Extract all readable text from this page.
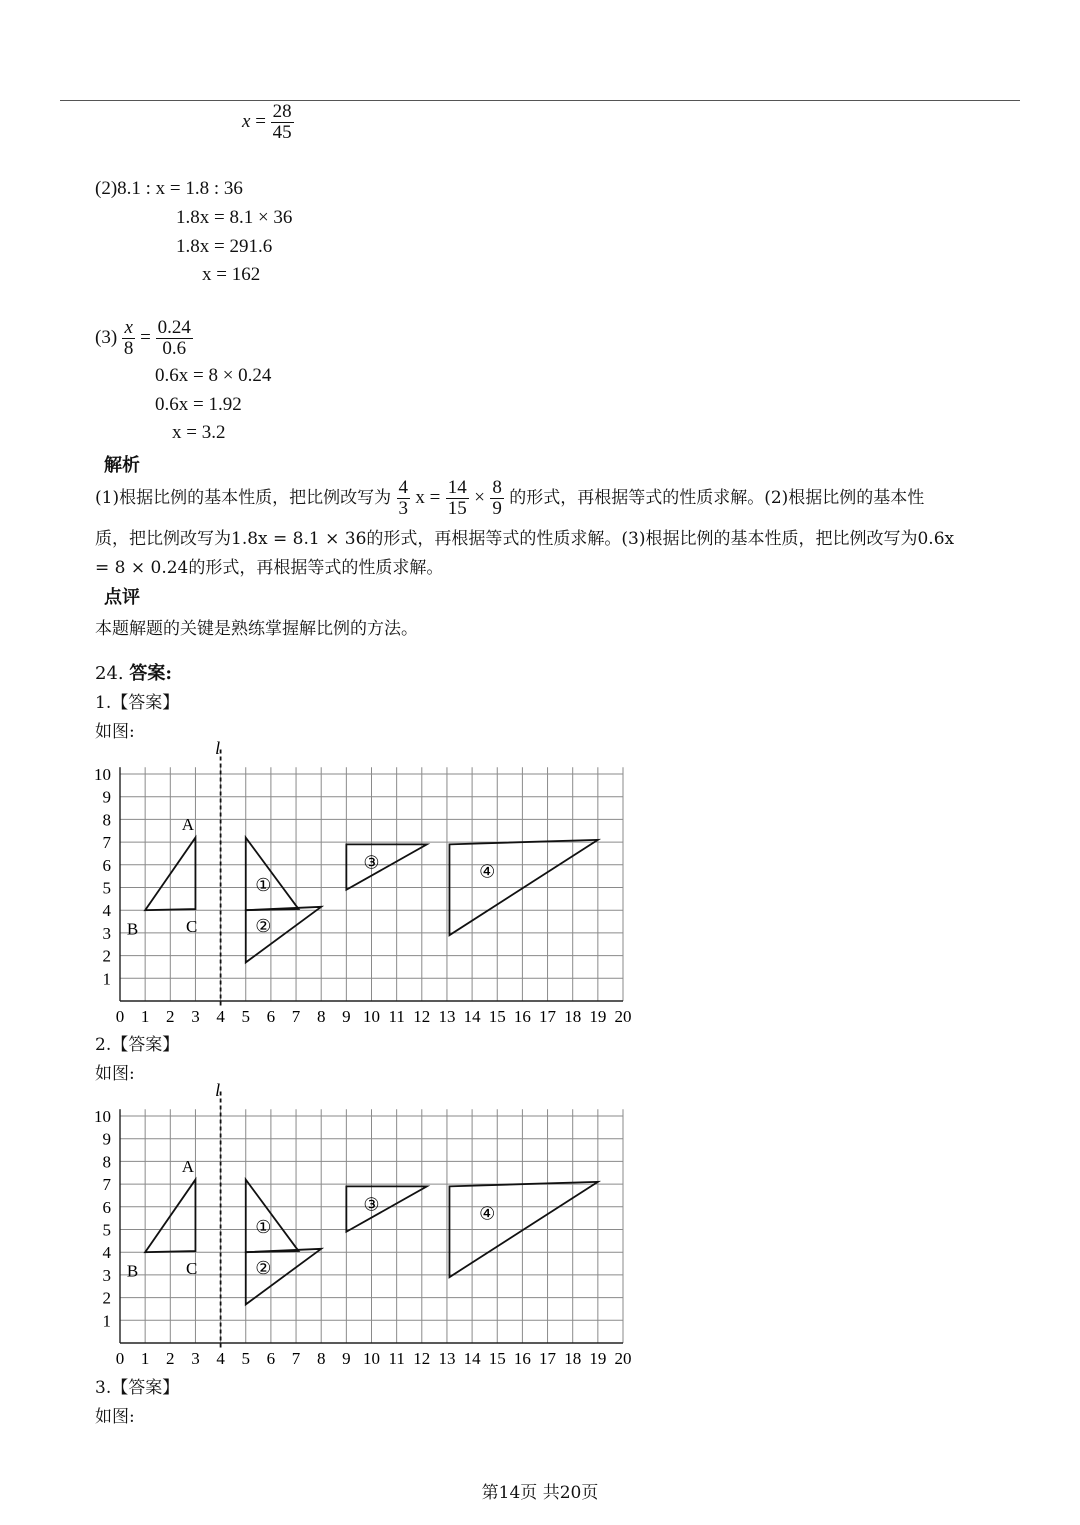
$x = \frac{28}{45}$
(2)8.1 : x = 1.8 : 36
1.8x = 8.1 × 36
1.8x = 291.6
x = 162
$(3) \frac{x}{8} = \frac{0.24}{0.6}$
0.6x = 8 × 0.24
0.6x = 1.92
x = 3.2
解析
(1)根据比例的基本性质，把比例改写为 $\frac{4}{3}$ $x = \frac{14}{15} \times \frac{8}{9}$ 的形式，再根据等式的性质求解。(2)根据比例的基本性
质，把比例改写为1.8x = 8.1 × 36的形式，再根据等式的性质求解。(3)根据比例的基本性质，把比例改写为0.6x
= 8 × 0.24的形式，再根据等式的性质求解。
点评
本题解题的关键是熟练掌握解比例的方法。
24. 答案:
1.【答案】
如图:
0 1 2 3 4 5 6 7 8 9 10 11 12 13 14 15 16 17 18 19 20
1
2
3
4
5
6
7
8
9
10
l
A
B	C
①
②
③	④
2.【答案】
如图:
0 1 2 3 4 5 6 7 8 9 10 11 12 13 14 15 16 17 18 19 20
1
2
3
4
5
6
7
8
9
10
l
A
B	C
①
②
③	④
3.【答案】
如图:
第14页 共20页
